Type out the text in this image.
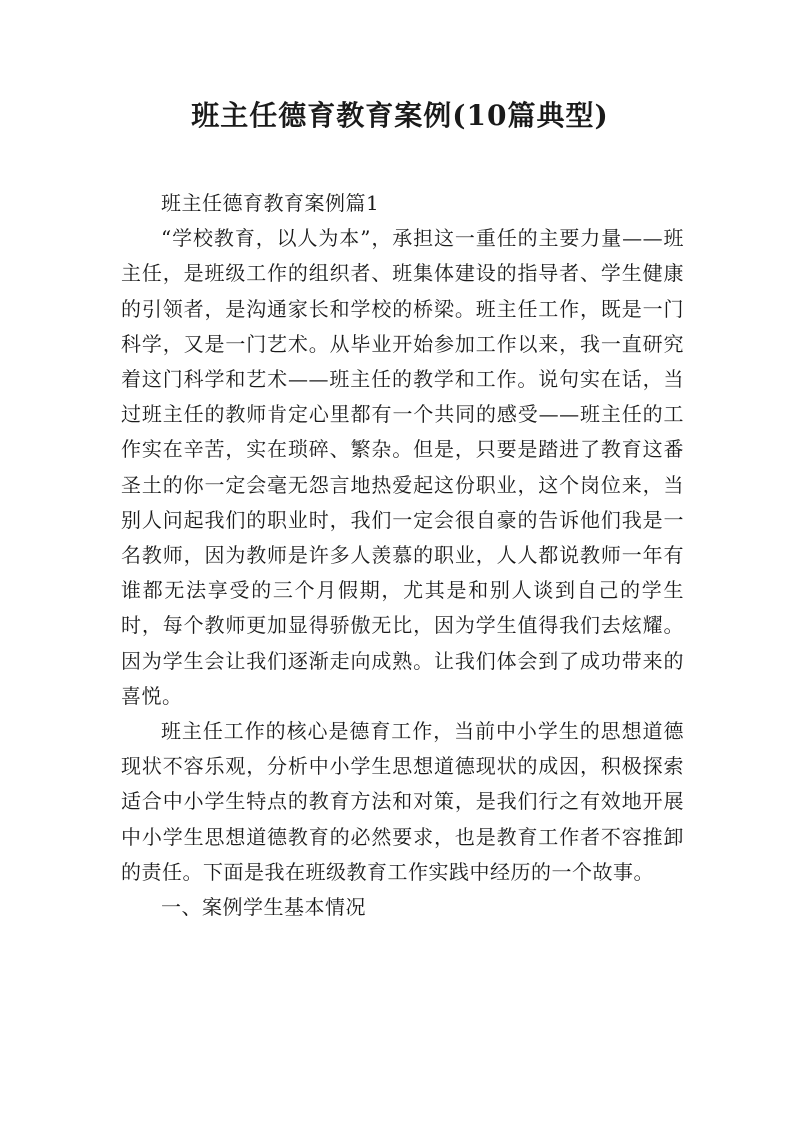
班主任德育教育案例(10篇典型)

班主任德育教育案例篇1

“学校教育，以人为本”，承担这一重任的主要力量——班主任，是班级工作的组织者、班集体建设的指导者、学生健康的引领者，是沟通家长和学校的桥梁。班主任工作，既是一门科学，又是一门艺术。从毕业开始参加工作以来，我一直研究着这门科学和艺术——班主任的教学和工作。说句实在话，当过班主任的教师肯定心里都有一个共同的感受——班主任的工作实在辛苦，实在琐碎、繁杂。但是，只要是踏进了教育这番圣土的你一定会毫无怨言地热爱起这份职业，这个岗位来，当别人问起我们的职业时，我们一定会很自豪的告诉他们我是一名教师，因为教师是许多人羡慕的职业，人人都说教师一年有谁都无法享受的三个月假期，尤其是和别人谈到自己的学生时，每个教师更加显得骄傲无比，因为学生值得我们去炫耀。因为学生会让我们逐渐走向成熟。让我们体会到了成功带来的喜悦。

班主任工作的核心是德育工作，当前中小学生的思想道德现状不容乐观，分析中小学生思想道德现状的成因，积极探索适合中小学生特点的教育方法和对策，是我们行之有效地开展中小学生思想道德教育的必然要求，也是教育工作者不容推卸的责任。下面是我在班级教育工作实践中经历的一个故事。

一、案例学生基本情况
